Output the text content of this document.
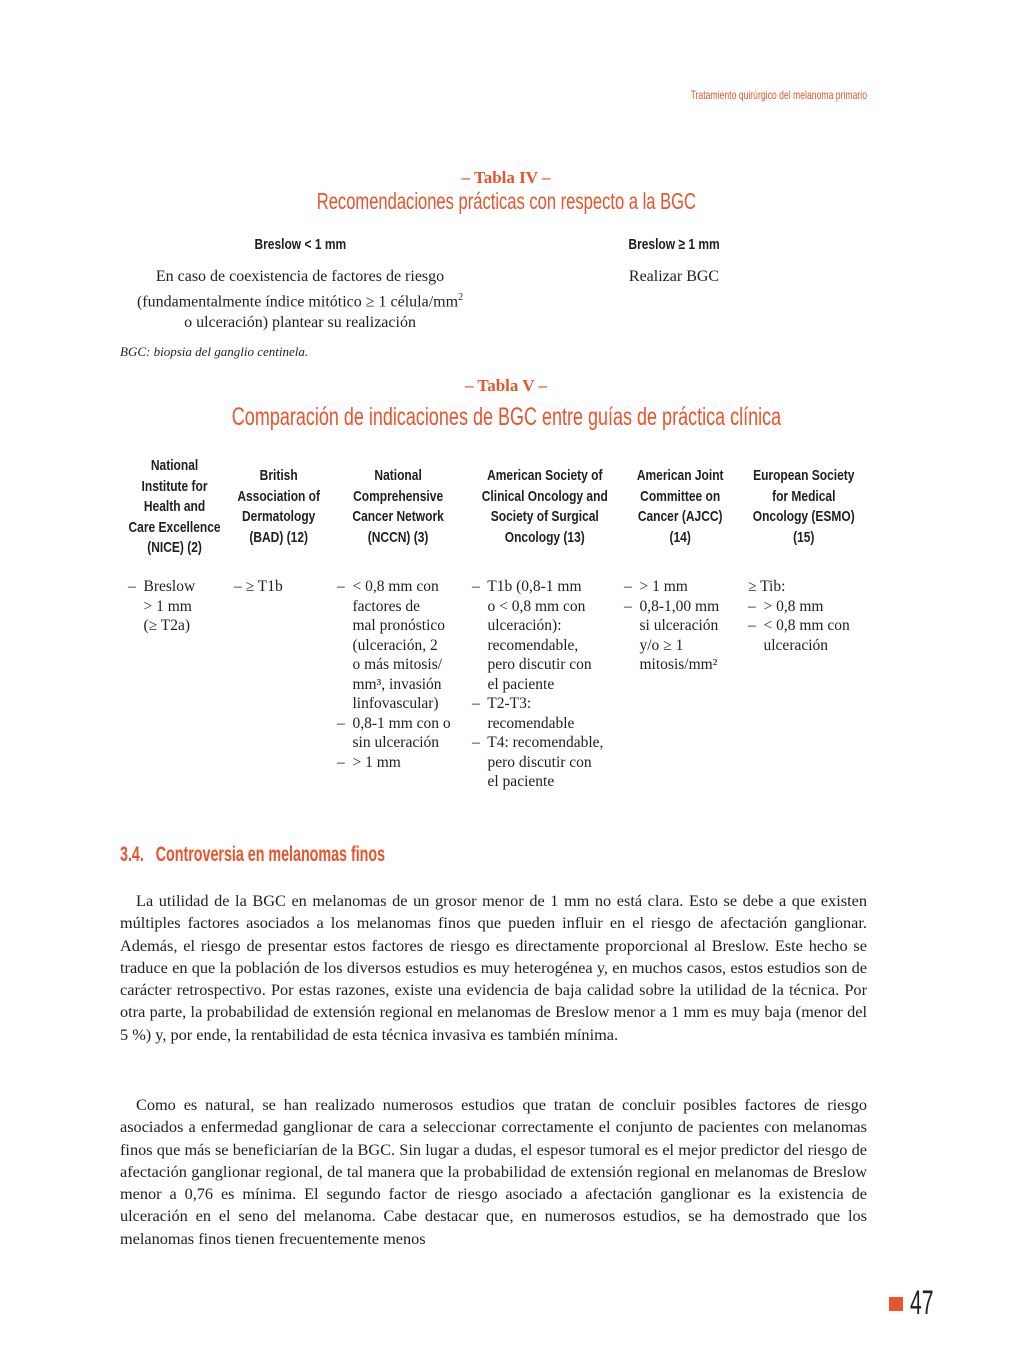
Tratamiento quirúrgico del melanoma primario
– Tabla IV –
Recomendaciones prácticas con respecto a la BGC
Breslow < 1 mm	Breslow ≥ 1 mm
En caso de coexistencia de factores de riesgo
(fundamentalmente índice mitótico ≥ 1 célula/$mm^2$
o ulceración) plantear su realización
Realizar BGC
BGC: biopsia del ganglio centinela.
– Tabla V –
Comparación de indicaciones de BGC entre guías de práctica clínica
National
Institute for
Health and
Care Excellence
(NICE) (2)
British
Association of
Dermatology
(BAD) (12)
National
Comprehensive
Cancer Network
(NCCN) (3)
American Society of
Clinical Oncology and
Society of Surgical
Oncology (13)
American Joint
Committee on
Cancer (AJCC)
(14)
European Society
for Medical
Oncology (ESMO)
(15)
–  Breslow
> 1 mm
(≥ T2a)
– ≥ T1b	–  < 0,8 mm con
factores de
mal pronóstico
(ulceración, 2
o más mitosis/
mm³, invasión
linfovascular)
–  0,8-1 mm con o
sin ulceración
–  > 1 mm
–  T1b (0,8-1 mm
o < 0,8 mm con
ulceración):
recomendable,
pero discutir con
el paciente
–  T2-T3:
recomendable
–  T4: recomendable,
pero discutir con
el paciente
–  > 1 mm
–  0,8-1,00 mm
si ulceración
y/o ≥ 1
mitosis/mm²
≥ Tib:
–  > 0,8 mm
–  < 0,8 mm con
ulceración
3.4.   Controversia en melanomas finos

La utilidad de la BGC en melanomas de un grosor menor de 1 mm no está clara. Esto se debe a que existen múltiples factores asociados a los melanomas finos que pueden influir en el riesgo de afectación ganglionar. Además, el riesgo de presentar estos factores de riesgo es directamente proporcional al Breslow. Este hecho se traduce en que la población de los diversos estudios es muy heterogénea y, en muchos casos, estos estudios son de carácter retrospectivo. Por estas razones, existe una evidencia de baja calidad sobre la utilidad de la técnica. Por otra parte, la probabilidad de extensión regional en melanomas de Breslow menor a 1 mm es muy baja (menor del 5 %) y, por ende, la rentabilidad de esta técnica invasiva es también mínima.

Como es natural, se han realizado numerosos estudios que tratan de concluir posibles factores de riesgo asociados a enfermedad ganglionar de cara a seleccionar correctamente el conjunto de pacientes con melanomas finos que más se beneficiarían de la BGC. Sin lugar a dudas, el espesor tumoral es el mejor predictor del riesgo de afectación ganglionar regional, de tal manera que la probabilidad de extensión regional en melanomas de Breslow menor a 0,76 es mínima. El segundo factor de riesgo asociado a afectación ganglionar es la existencia de ulceración en el seno del melanoma. Cabe destacar que, en numerosos estudios, se ha demostrado que los melanomas finos tienen frecuentemente menos

47
